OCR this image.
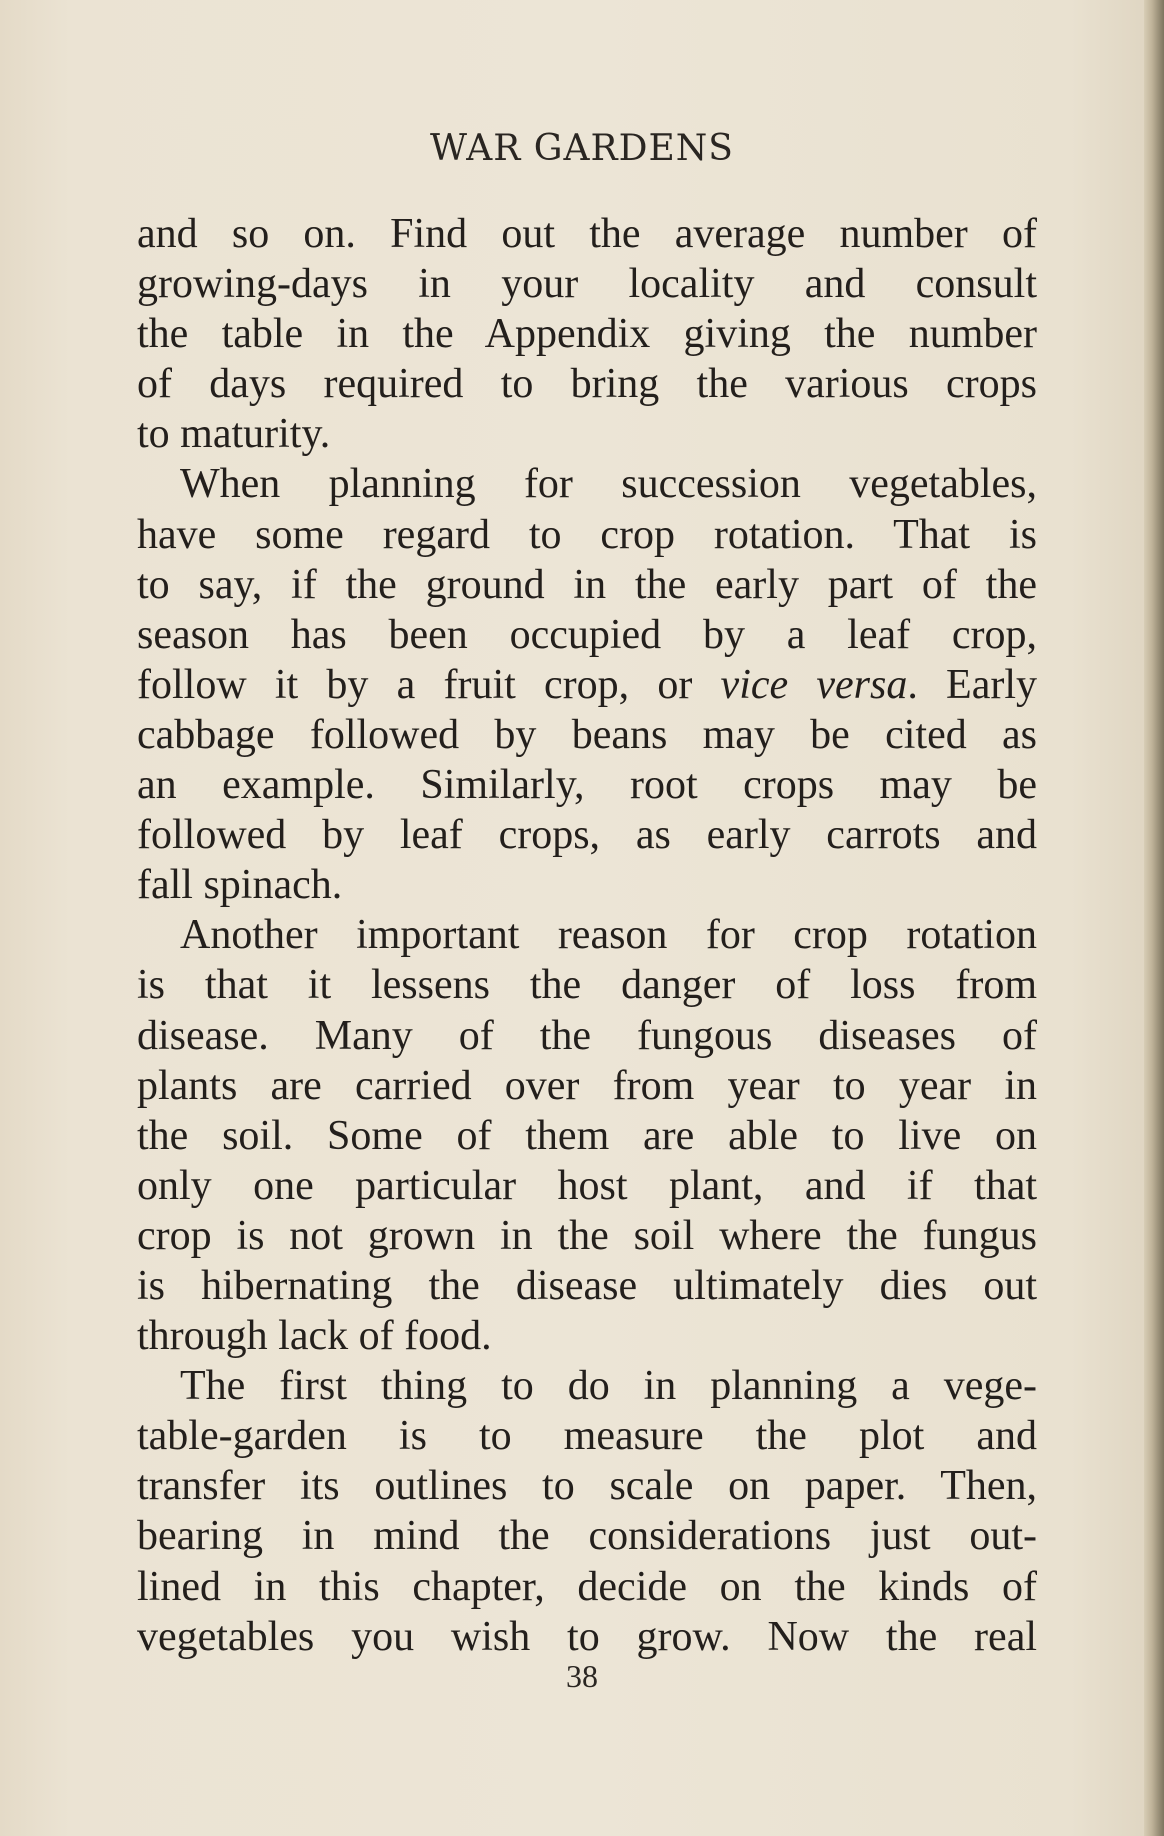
WAR GARDENS

and so on. Find out the average number of
growing-days in your locality and consult
the table in the Appendix giving the number
of days required to bring the various crops
to maturity.

When planning for succession vegetables,
have some regard to crop rotation. That is
to say, if the ground in the early part of the
season has been occupied by a leaf crop,
follow it by a fruit crop, or vice versa. Early
cabbage followed by beans may be cited as
an example. Similarly, root crops may be
followed by leaf crops, as early carrots and
fall spinach.

Another important reason for crop rotation
is that it lessens the danger of loss from
disease. Many of the fungous diseases of
plants are carried over from year to year in
the soil. Some of them are able to live on
only one particular host plant, and if that
crop is not grown in the soil where the fungus
is hibernating the disease ultimately dies out
through lack of food.

The first thing to do in planning a vege-
table-garden is to measure the plot and
transfer its outlines to scale on paper. Then,
bearing in mind the considerations just out-
lined in this chapter, decide on the kinds of
vegetables you wish to grow. Now the real

38
